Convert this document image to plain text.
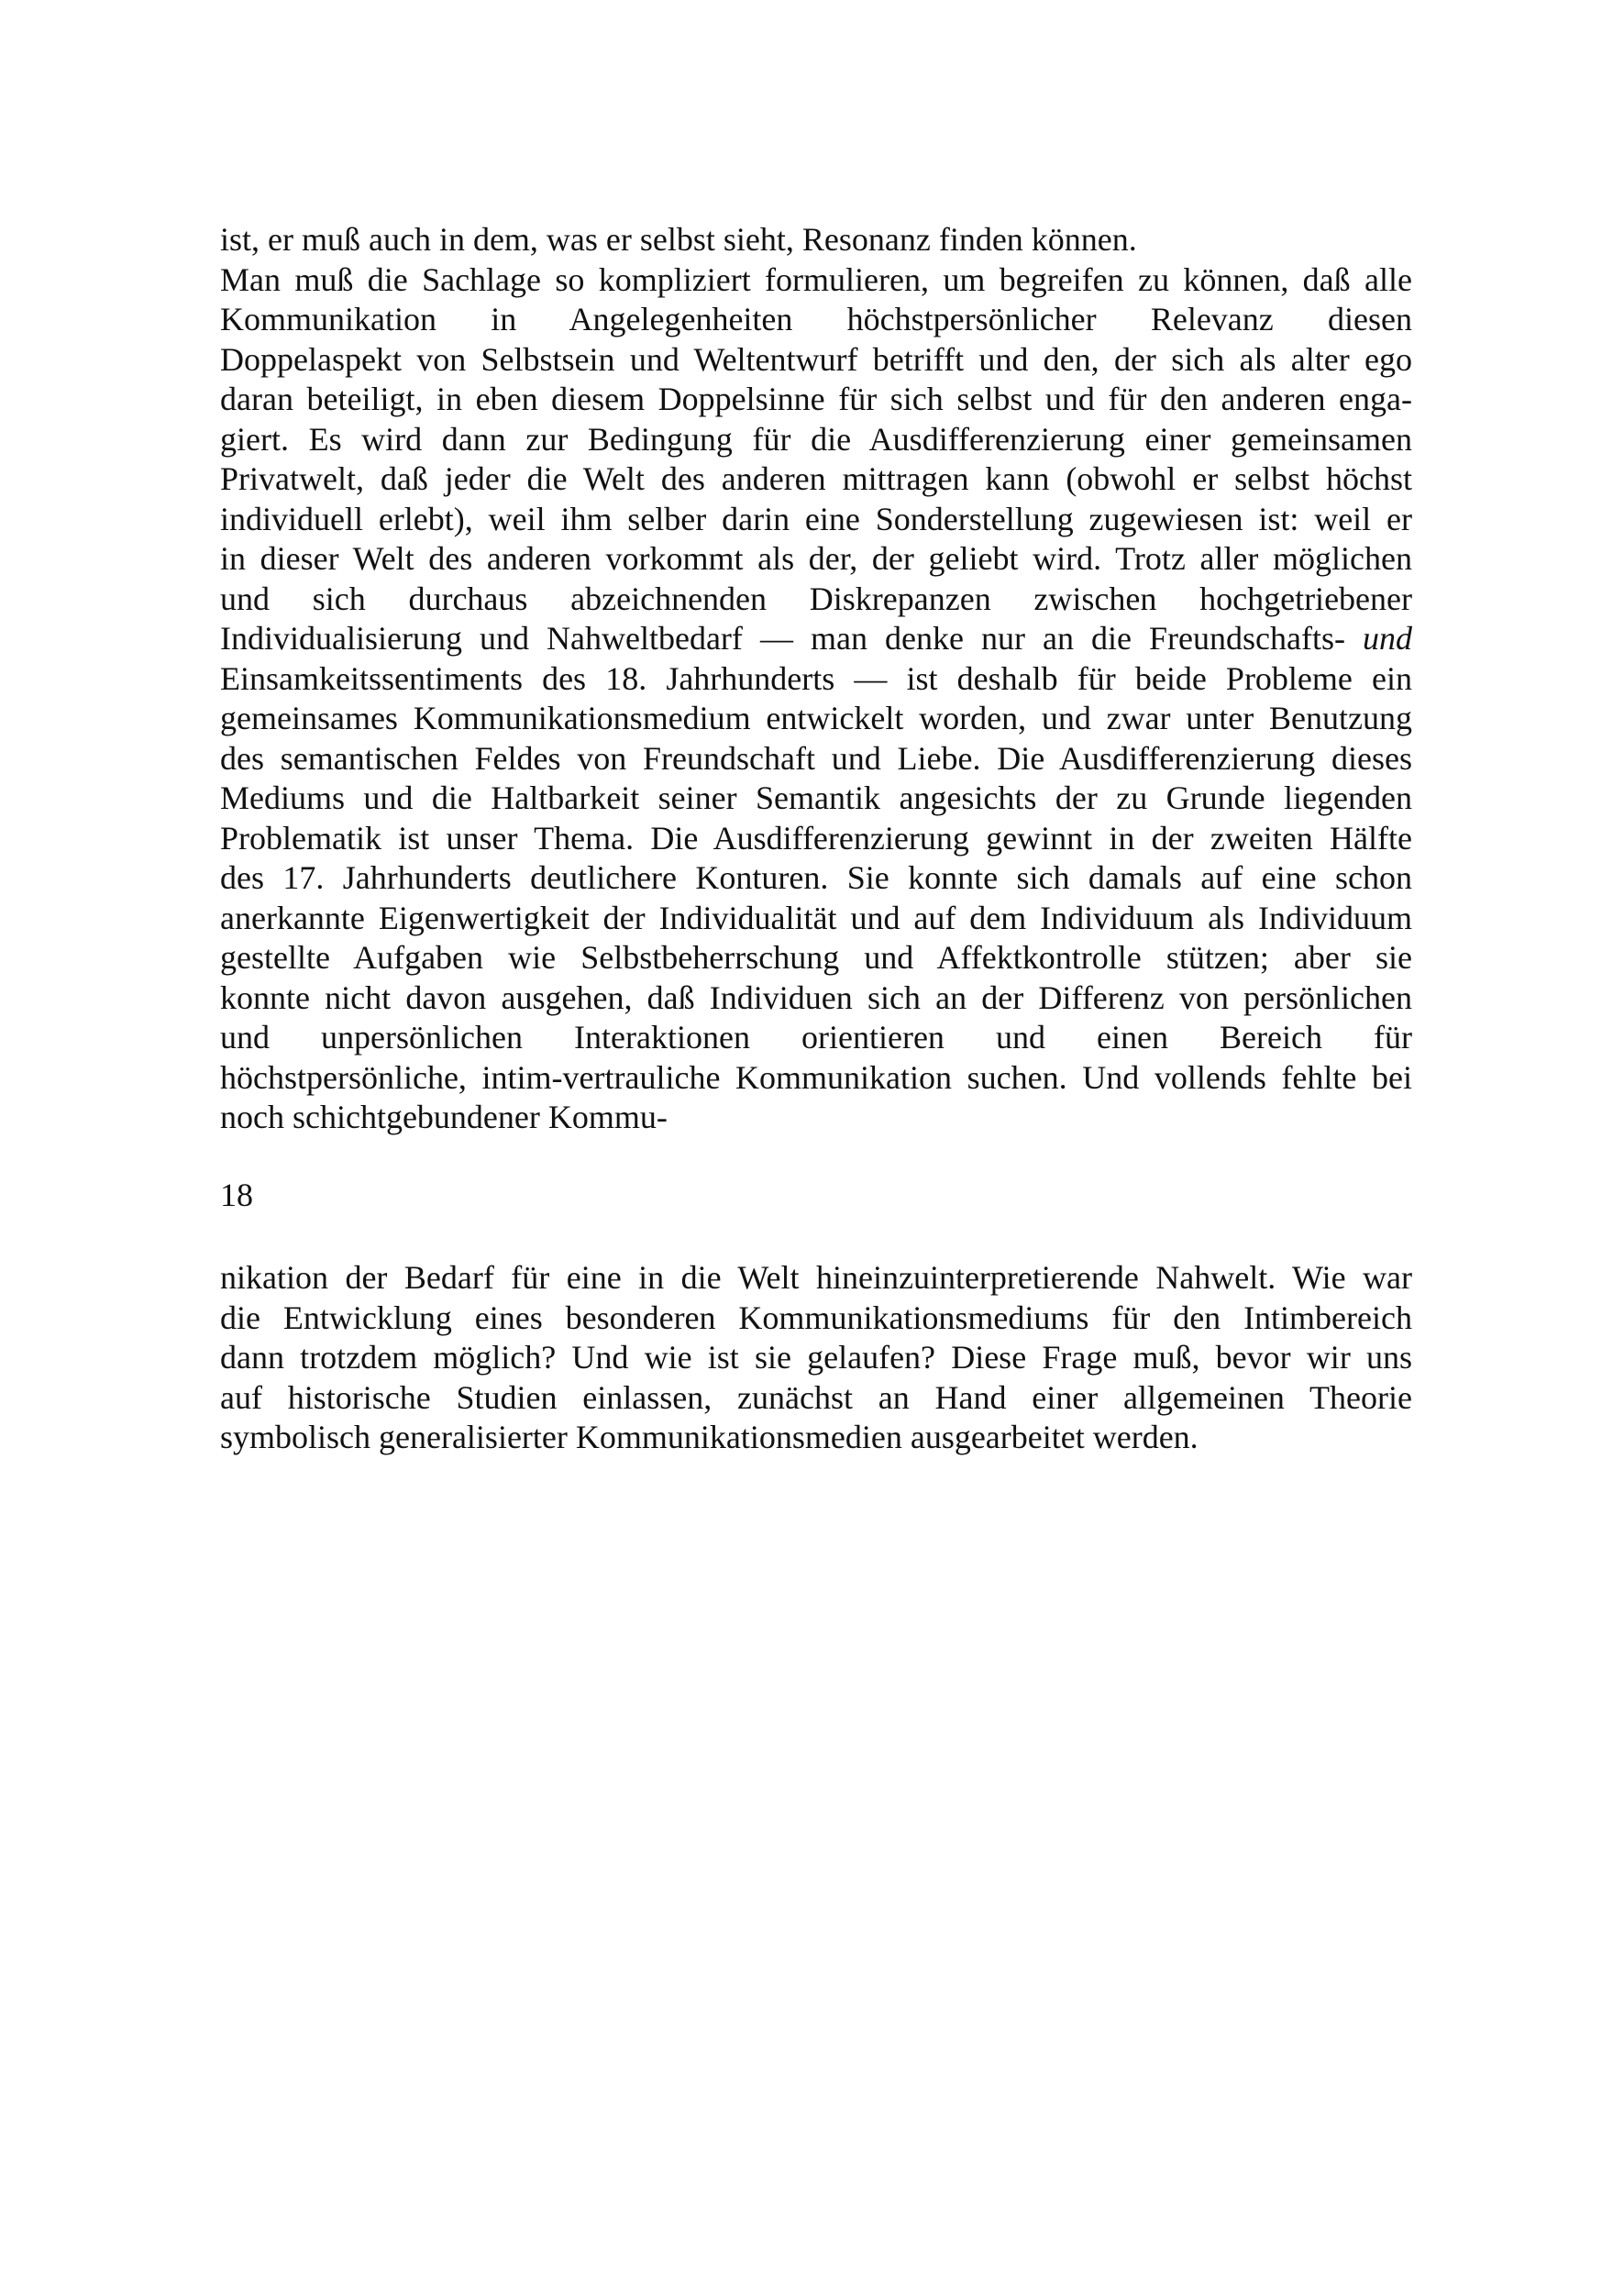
ist, er muß auch in dem, was er selbst sieht, Resonanz finden können.
Man muß die Sachlage so kompliziert formulieren, um begreifen zu können, daß alle
Kommunikation in Angelegenheiten höchstpersönlicher Relevanz diesen
Doppelaspekt von Selbstsein und Weltentwurf betrifft und den, der sich als alter ego
daran beteiligt, in eben diesem Doppelsinne für sich selbst und für den anderen enga-
giert. Es wird dann zur Bedingung für die Ausdifferenzierung einer gemeinsamen
Privatwelt, daß jeder die Welt des anderen mittragen kann (obwohl er selbst höchst
individuell erlebt), weil ihm selber darin eine Sonderstellung zugewiesen ist: weil er
in dieser Welt des anderen vorkommt als der, der geliebt wird. Trotz aller möglichen
und sich durchaus abzeichnenden Diskrepanzen zwischen hochgetriebener
Individualisierung und Nahweltbedarf — man denke nur an die Freundschafts- und
Einsamkeitssentiments des 18. Jahrhunderts — ist deshalb für beide Probleme ein
gemeinsames Kommunikationsmedium entwickelt worden, und zwar unter Benutzung
des semantischen Feldes von Freundschaft und Liebe. Die Ausdifferenzierung dieses
Mediums und die Haltbarkeit seiner Semantik angesichts der zu Grunde liegenden
Problematik ist unser Thema. Die Ausdifferenzierung gewinnt in der zweiten Hälfte
des 17. Jahrhunderts deutlichere Konturen. Sie konnte sich damals auf eine schon
anerkannte Eigenwertigkeit der Individualität und auf dem Individuum als Individuum
gestellte Aufgaben wie Selbstbeherrschung und Affektkontrolle stützen; aber sie
konnte nicht davon ausgehen, daß Individuen sich an der Differenz von persönlichen
und unpersönlichen Interaktionen orientieren und einen Bereich für
höchstpersönliche, intim-vertrauliche Kommunikation suchen. Und vollends fehlte bei
noch schichtgebundener Kommu-
18
nikation der Bedarf für eine in die Welt hineinzuinterpretierende Nahwelt. Wie war
die Entwicklung eines besonderen Kommunikationsmediums für den Intimbereich
dann trotzdem möglich? Und wie ist sie gelaufen? Diese Frage muß, bevor wir uns
auf historische Studien einlassen, zunächst an Hand einer allgemeinen Theorie
symbolisch generalisierter Kommunikationsmedien ausgearbeitet werden.
